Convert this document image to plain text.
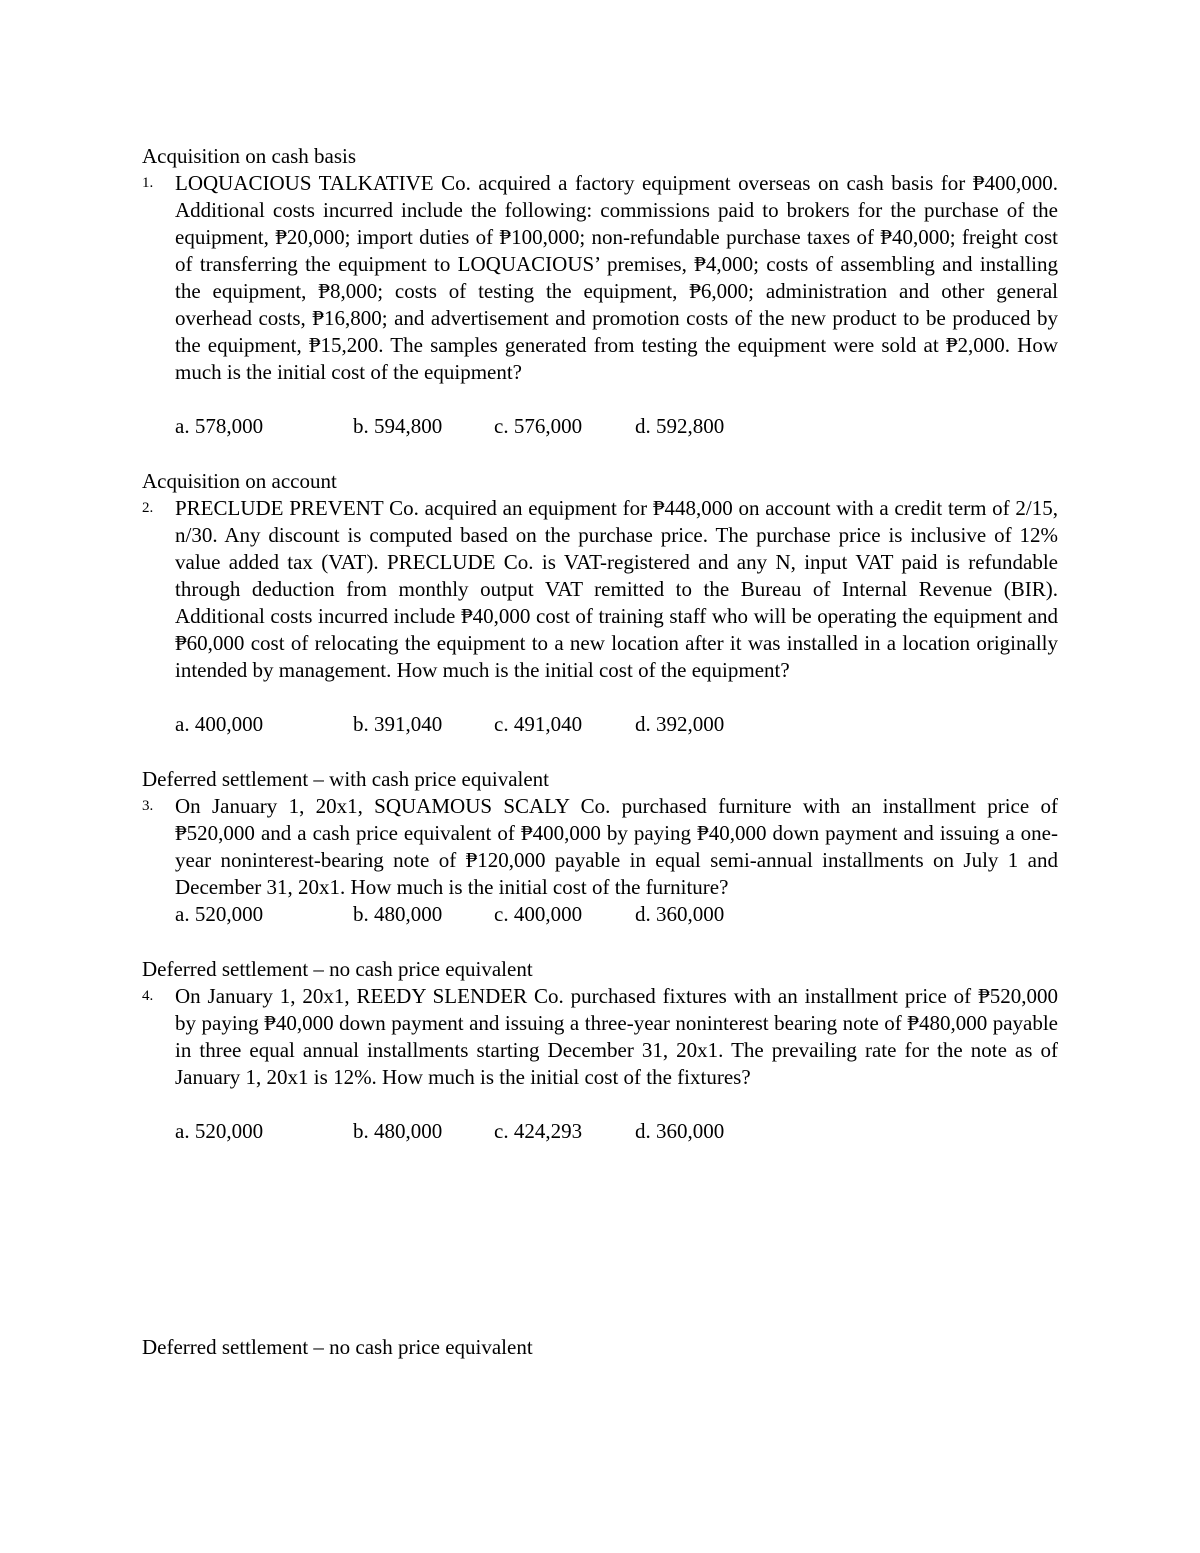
Acquisition on cash basis
1. LOQUACIOUS TALKATIVE Co. acquired a factory equipment overseas on cash basis for ₱400,000. Additional costs incurred include the following: commissions paid to brokers for the purchase of the equipment, ₱20,000; import duties of ₱100,000; non-refundable purchase taxes of ₱40,000; freight cost of transferring the equipment to LOQUACIOUS’ premises, ₱4,000; costs of assembling and installing the equipment, ₱8,000; costs of testing the equipment, ₱6,000; administration and other general overhead costs, ₱16,800; and advertisement and promotion costs of the new product to be produced by the equipment, ₱15,200. The samples generated from testing the equipment were sold at ₱2,000. How much is the initial cost of the equipment?

a. 578,000	b. 594,800 c. 576,000	d. 592,800
Acquisition on account
2. PRECLUDE PREVENT Co. acquired an equipment for ₱448,000 on account with a credit term of 2/15, n/30. Any discount is computed based on the purchase price. The purchase price is inclusive of 12% value added tax (VAT). PRECLUDE Co. is VAT-registered and any N, input VAT paid is refundable through deduction from monthly output VAT remitted to the Bureau of Internal Revenue (BIR). Additional costs incurred include ₱40,000 cost of training staff who will be operating the equipment and ₱60,000 cost of relocating the equipment to a new location after it was installed in a location originally intended by management. How much is the initial cost of the equipment?

a. 400,000	b. 391,040 c. 491,040	d. 392,000
Deferred settlement – with cash price equivalent
3. On January 1, 20x1, SQUAMOUS SCALY Co. purchased furniture with an installment price of ₱520,000 and a cash price equivalent of ₱400,000 by paying ₱40,000 down payment and issuing a one-year noninterest-bearing note of ₱120,000 payable in equal semi-annual installments on July 1 and December 31, 20x1. How much is the initial cost of the furniture?

a. 520,000	b. 480,000 c. 400,000	d. 360,000
Deferred settlement – no cash price equivalent
4. On January 1, 20x1, REEDY SLENDER Co. purchased fixtures with an installment price of ₱520,000 by paying ₱40,000 down payment and issuing a three-year noninterest bearing note of ₱480,000 payable in three equal annual installments starting December 31, 20x1. The prevailing rate for the note as of January 1, 20x1 is 12%. How much is the initial cost of the fixtures?

a. 520,000	b. 480,000 c. 424,293	d. 360,000
Deferred settlement – no cash price equivalent
